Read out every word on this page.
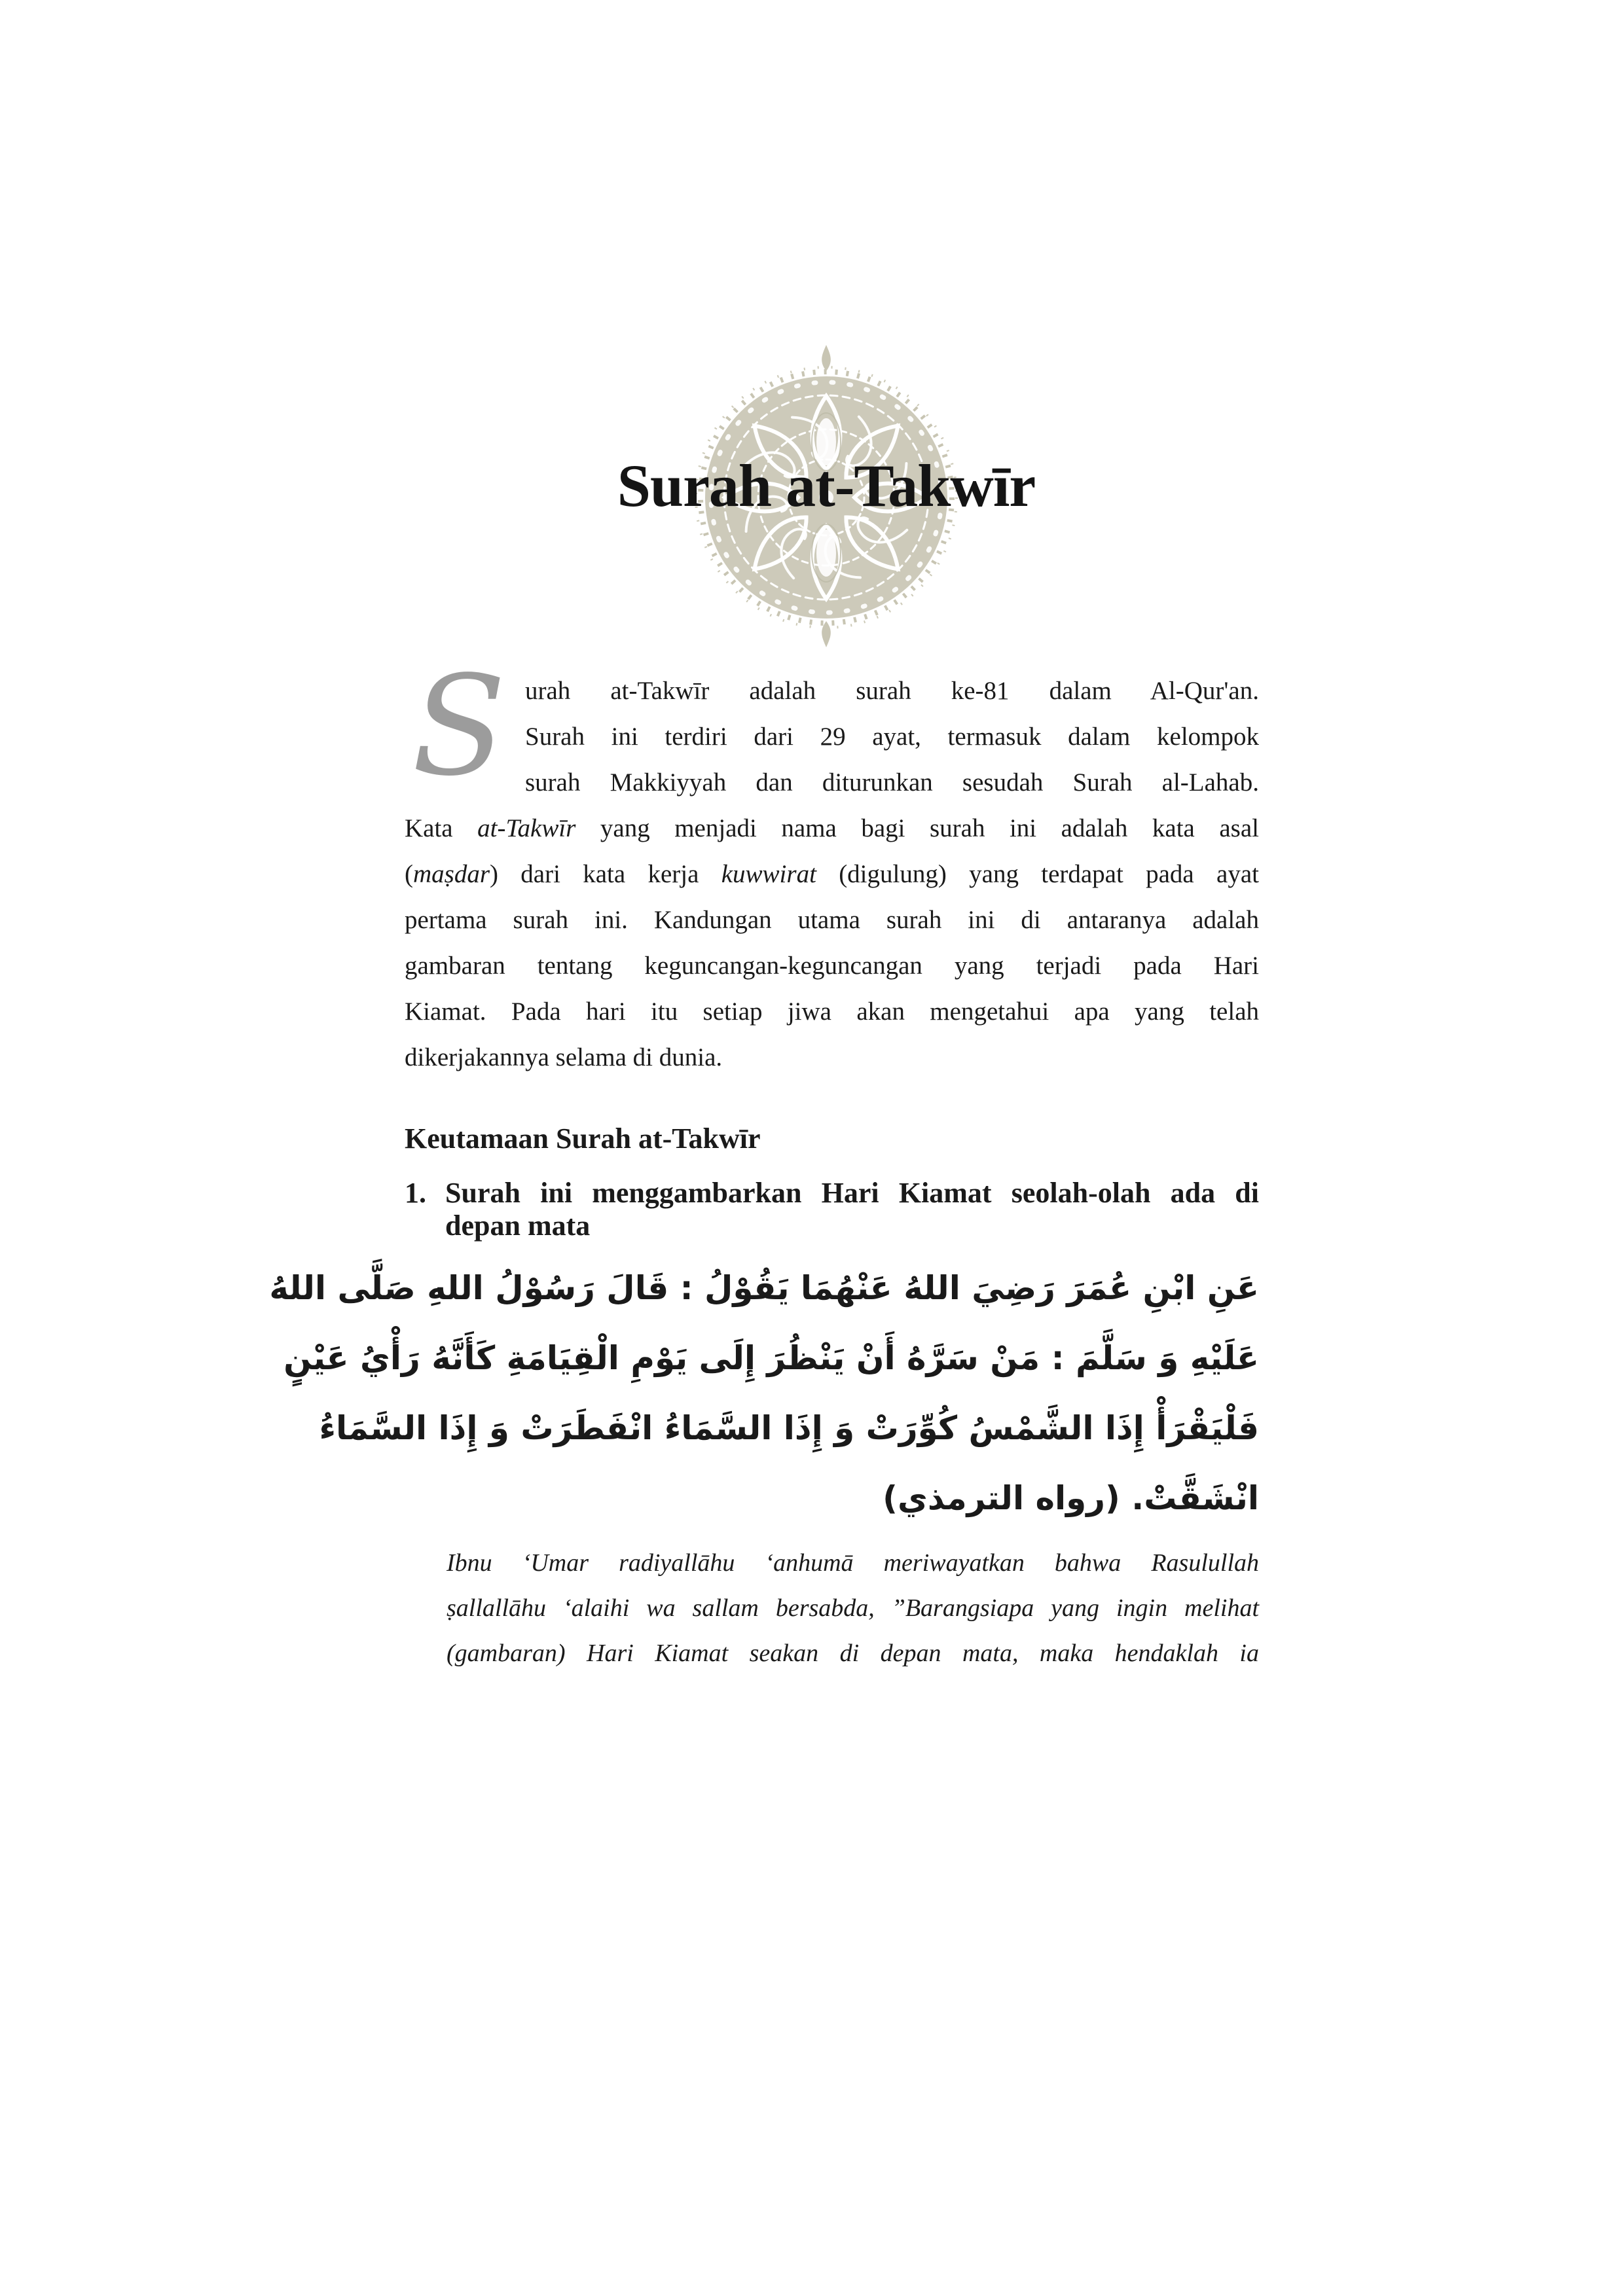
Surah at-Takwīr
S urah at-Takwīr adalah surah ke-81 dalam Al-Qur'an.
Surah ini terdiri dari 29 ayat, termasuk dalam kelompok
surah Makkiyyah dan diturunkan sesudah Surah al-Lahab.
Kata at-Takwīr yang menjadi nama bagi surah ini adalah kata asal
(maṣdar) dari kata kerja kuwwirat (digulung) yang terdapat pada ayat
pertama surah ini. Kandungan utama surah ini di antaranya adalah
gambaran tentang keguncangan-keguncangan yang terjadi pada Hari
Kiamat. Pada hari itu setiap jiwa akan mengetahui apa yang telah
dikerjakannya selama di dunia.
Keutamaan Surah at-Takwīr
1. Surah ini menggambarkan Hari Kiamat seolah-olah ada di
depan mata
عَنِ ابْنِ عُمَرَ رَضِيَ اللهُ عَنْهُمَا يَقُوْلُ : قَالَ رَسُوْلُ اللهِ صَلَّى اللهُ
عَلَيْهِ وَ سَلَّمَ : مَنْ سَرَّهُ أَنْ يَنْظُرَ إِلَى يَوْمِ الْقِيَامَةِ كَأَنَّهُ رَأْيُ عَيْنٍ
فَلْيَقْرَأْ إِذَا الشَّمْسُ كُوِّرَتْ وَ إِذَا السَّمَاءُ انْفَطَرَتْ وَ إِذَا السَّمَاءُ
انْشَقَّتْ. (رواه الترمذي)
Ibnu ‘Umar radiyallāhu ‘anhumā meriwayatkan bahwa Rasulullah
ṣallallāhu ‘alaihi wa sallam bersabda, ”Barangsiapa yang ingin melihat
(gambaran) Hari Kiamat seakan di depan mata, maka hendaklah ia
